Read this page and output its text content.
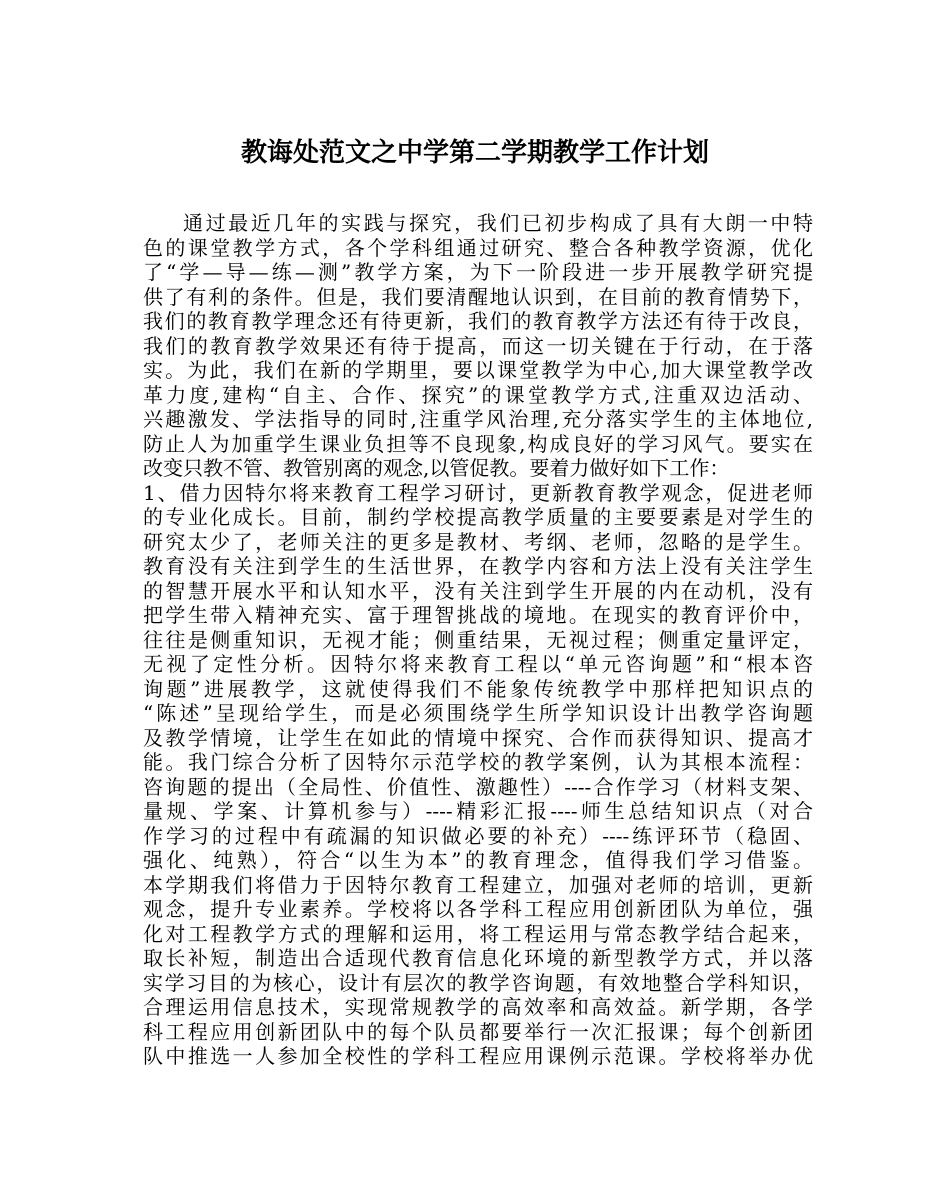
教诲处范文之中学第二学期教学工作计划
通过最近几年的实践与探究，我们已初步构成了具有大朗一中特
色的课堂教学方式，各个学科组通过研究、整合各种教学资源，优化
了“学—导—练—测”教学方案，为下一阶段进一步开展教学研究提
供了有利的条件。但是，我们要清醒地认识到，在目前的教育情势下，
我们的教育教学理念还有待更新，我们的教育教学方法还有待于改良，
我们的教育教学效果还有待于提高，而这一切关键在于行动，在于落
实。为此，我们在新的学期里，要以课堂教学为中心,加大课堂教学改
革力度,建构“自主、合作、探究”的课堂教学方式,注重双边活动、
兴趣激发、学法指导的同时,注重学风治理,充分落实学生的主体地位,
防止人为加重学生课业负担等不良现象,构成良好的学习风气。要实在
改变只教不管、教管别离的观念,以管促教。要着力做好如下工作：
1、借力因特尔将来教育工程学习研讨，更新教育教学观念，促进老师
的专业化成长。目前，制约学校提高教学质量的主要要素是对学生的
研究太少了，老师关注的更多是教材、考纲、老师，忽略的是学生。
教育没有关注到学生的生活世界，在教学内容和方法上没有关注学生
的智慧开展水平和认知水平，没有关注到学生开展的内在动机，没有
把学生带入精神充实、富于理智挑战的境地。在现实的教育评价中，
往往是侧重知识，无视才能；侧重结果，无视过程；侧重定量评定，
无视了定性分析。因特尔将来教育工程以“单元咨询题”和“根本咨
询题”进展教学，这就使得我们不能象传统教学中那样把知识点的
“陈述”呈现给学生，而是必须围绕学生所学知识设计出教学咨询题
及教学情境，让学生在如此的情境中探究、合作而获得知识、提高才
能。我门综合分析了因特尔示范学校的教学案例，认为其根本流程：
咨询题的提出（全局性、价值性、激趣性）----合作学习（材料支架、
量规、学案、计算机参与）----精彩汇报----师生总结知识点（对合
作学习的过程中有疏漏的知识做必要的补充）----练评环节（稳固、
强化、纯熟），符合“以生为本”的教育理念，值得我们学习借鉴。
本学期我们将借力于因特尔教育工程建立，加强对老师的培训，更新
观念，提升专业素养。学校将以各学科工程应用创新团队为单位，强
化对工程教学方式的理解和运用，将工程运用与常态教学结合起来，
取长补短，制造出合适现代教育信息化环境的新型教学方式，并以落
实学习目的为核心，设计有层次的教学咨询题，有效地整合学科知识，
合理运用信息技术，实现常规教学的高效率和高效益。新学期，各学
科工程应用创新团队中的每个队员都要举行一次汇报课；每个创新团
队中推选一人参加全校性的学科工程应用课例示范课。学校将举办优
